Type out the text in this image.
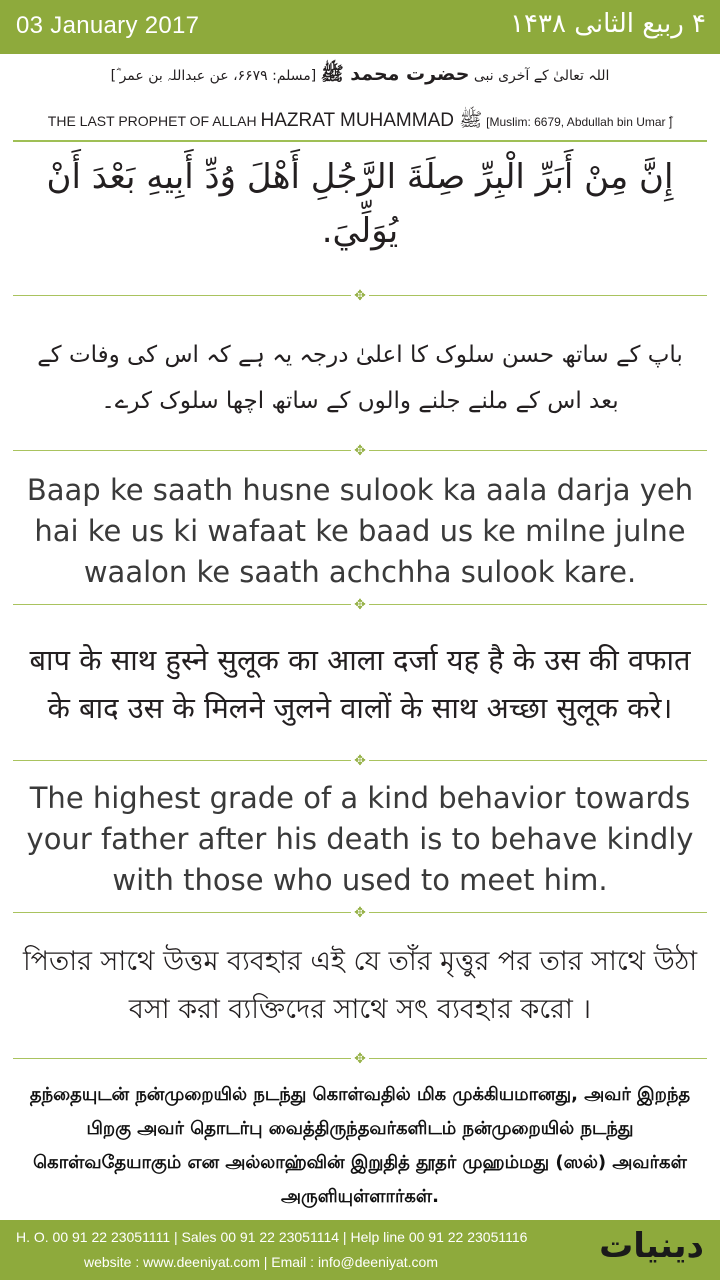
03 January 2017	۴ ربیع الثانی ۱۴۳۸
اللہ تعالیٰ کے آخری نبی حضرت محمد ﷺ [مسلم: ۶۶۷۹، عن عبداللہ بن عمر ؓ]
THE LAST PROPHET OF ALLAH HAZRAT MUHAMMAD ﷺ [Muslim: 6679, Abdullah bin Umar ؓ]
إِنَّ مِنْ أَبَرِّ الْبِرِّ صِلَةَ الرَّجُلِ أَهْلَ وُدِّ أَبِيهِ بَعْدَ أَنْ يُوَلِّيَ.
✥
باپ کے ساتھ حسن سلوک کا اعلیٰ درجہ یہ ہے کہ اس کی وفات کے بعد اس کے ملنے جلنے والوں کے ساتھ اچھا سلوک کرے۔
✥
Baap ke saath husne sulook ka aala darja yeh hai ke us ki wafaat ke baad us ke milne julne waalon ke saath achchha sulook kare.
✥
बाप के साथ हुस्ने सुलूक का आला दर्जा यह है के उस की वफात के बाद उस के मिलने जुलने वालों के साथ अच्छा सुलूक करे।
✥
The highest grade of a kind behavior towards your father after his death is to behave kindly with those who used to meet him.
✥
পিতার সাথে উত্তম ব্যবহার এই যে তাঁর মৃত্তুর পর তার সাথে উঠা বসা করা ব্যক্তিদের সাথে সৎ ব্যবহার করো ।
✥
தந்தையுடன் நன்முறையில் நடந்து கொள்வதில் மிக முக்கியமானது, அவர் இறந்த பிறகு அவர் தொடர்பு வைத்திருந்தவர்களிடம் நன்முறையில் நடந்து கொள்வதேயாகும் என அல்லாஹ்வின் இறுதித் தூதர் முஹம்மது (ஸல்) அவர்கள் அருளியுள்ளார்கள்.
H. O. 00 91 22 23051111 | Sales 00 91 22 23051114 | Help line 00 91 22 23051116
website : www.deeniyat.com | Email : info@deeniyat.com	دینیات
